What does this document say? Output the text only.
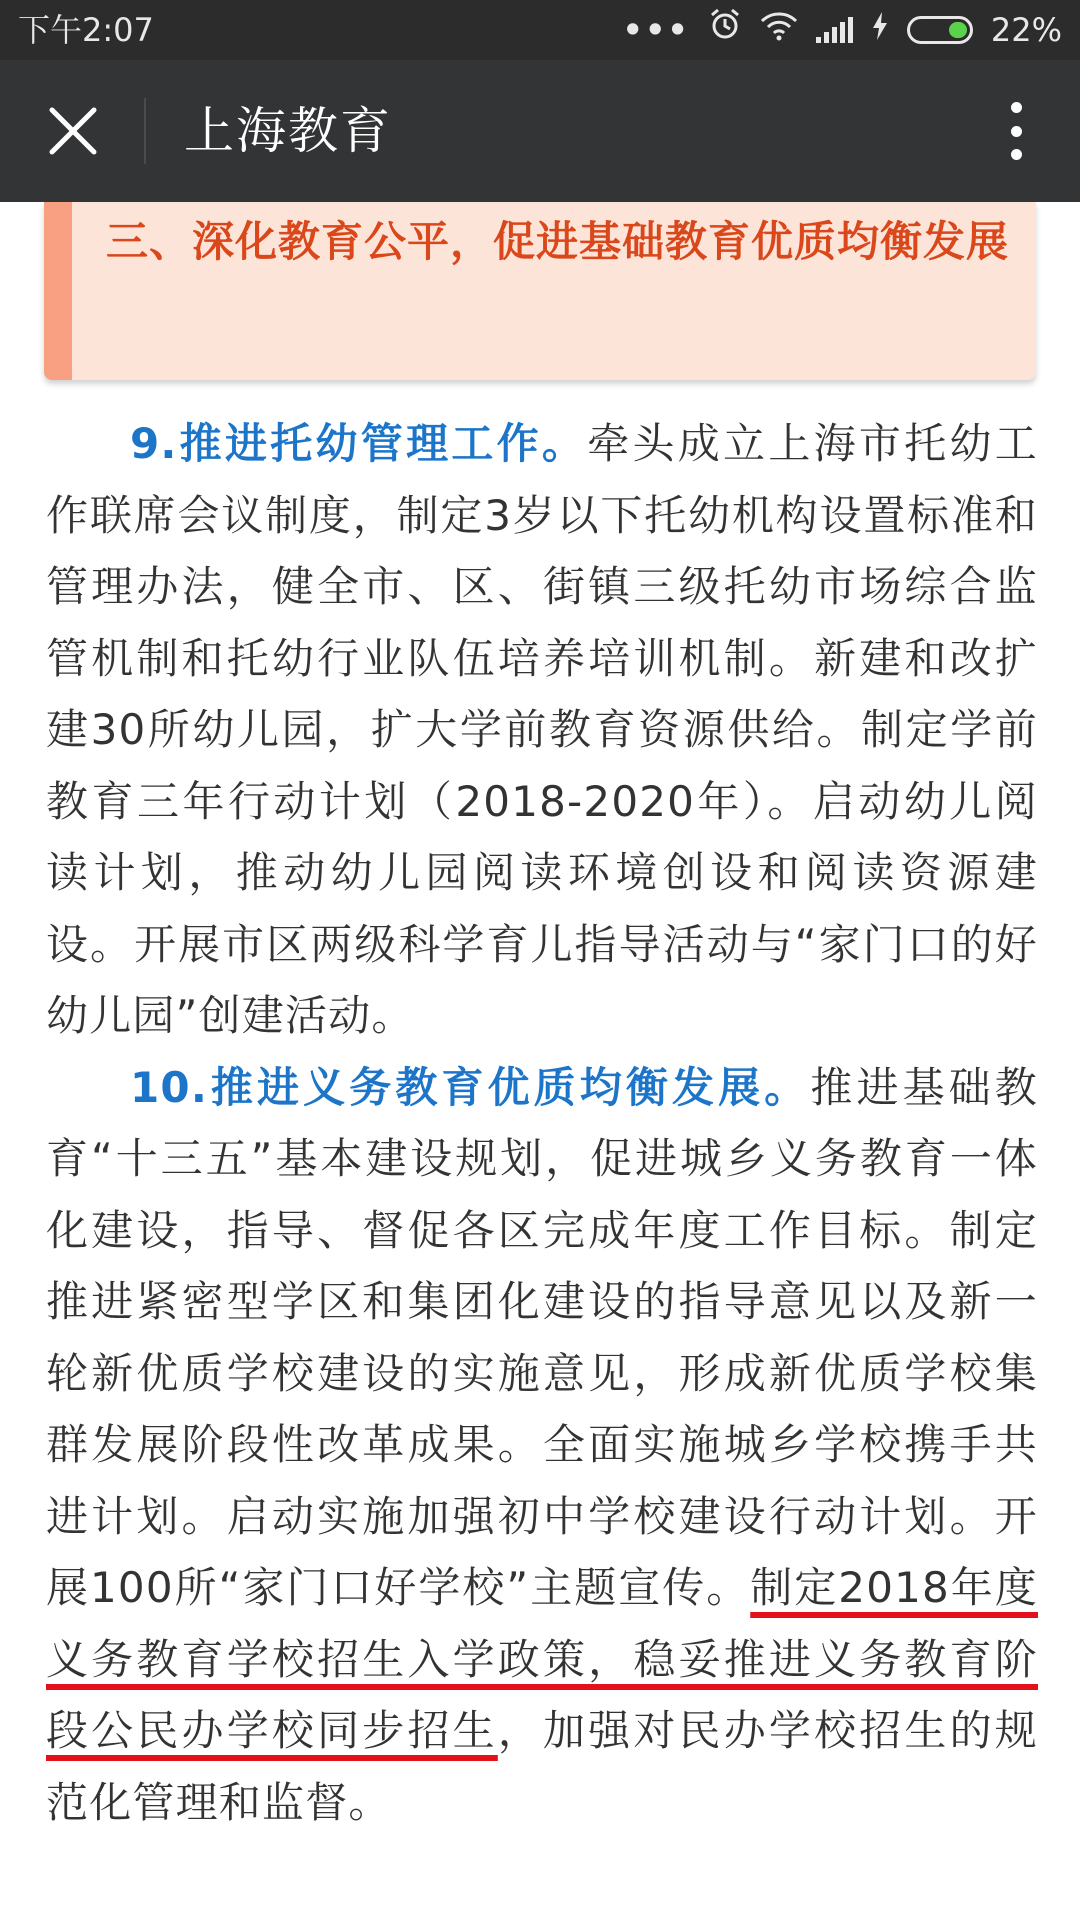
下午2:07	•••	22%
上海教育
三、深化教育公平，促进基础教育优质均衡发展

9.推进托幼管理工作。牵头成立上海市托幼工作联席会议制度，制定3岁以下托幼机构设置标准和管理办法，健全市、区、街镇三级托幼市场综合监管机制和托幼行业队伍培养培训机制。新建和改扩建30所幼儿园，扩大学前教育资源供给。制定学前教育三年行动计划（2018-2020年）。启动幼儿阅读计划，推动幼儿园阅读环境创设和阅读资源建设。开展市区两级科学育儿指导活动与“家门口的好幼儿园”创建活动。

10.推进义务教育优质均衡发展。推进基础教育“十三五”基本建设规划，促进城乡义务教育一体化建设，指导、督促各区完成年度工作目标。制定推进紧密型学区和集团化建设的指导意见以及新一轮新优质学校建设的实施意见，形成新优质学校集群发展阶段性改革成果。全面实施城乡学校携手共进计划。启动实施加强初中学校建设行动计划。开展100所“家门口好学校”主题宣传。制定2018年度义务教育学校招生入学政策，稳妥推进义务教育阶段公民办学校同步招生，加强对民办学校招生的规范化管理和监督。
